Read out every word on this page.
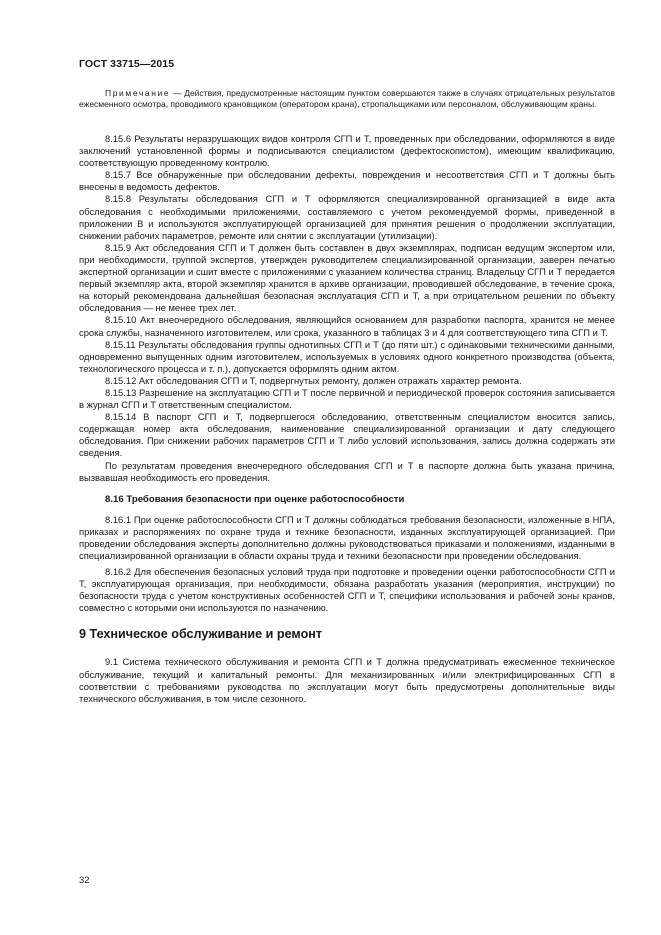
ГОСТ 33715—2015

Примечание — Действия, предусмотренные настоящим пунктом совершаются также в случаях отрицательных результатов ежесменного осмотра, проводимого крановщиком (оператором крана), стропальщиками или персоналом, обслуживающим краны.

8.15.6 Результаты неразрушающих видов контроля СГП и Т, проведенных при обследовании, оформляются в виде заключений установленной формы и подписываются специалистом (дефектоскопистом), имеющим квалификацию, соответствующую проведенному контролю.

8.15.7 Все обнаруженные при обследовании дефекты, повреждения и несоответствия СГП и Т должны быть внесены в ведомость дефектов.

8.15.8 Результаты обследования СГП и Т оформляются специализированной организацией в виде акта обследования с необходимыми приложениями, составляемого с учетом рекомендуемой формы, приведенной в приложении В и используются эксплуатирующей организацией для принятия решения о продолжении эксплуатации, снижении рабочих параметров, ремонте или снятии с эксплуатации (утилизации).

8.15.9 Акт обследования СГП и Т должен быть составлен в двух экземплярах, подписан ведущим экспертом или, при необходимости, группой экспертов, утвержден руководителем специализированной организации, заверен печатью экспертной организации и сшит вместе с приложениями с указанием количества страниц. Владельцу СГП и Т передается первый экземпляр акта, второй экземпляр хранится в архиве организации, проводившей обследование, в течение срока, на который рекомендована дальнейшая безопасная эксплуатация СГП и Т, а при отрицательном решении по объекту обследования — не менее трех лет.

8.15.10 Акт внеочередного обследования, являющийся основанием для разработки паспорта, хранится не менее срока службы, назначенного изготовителем, или срока, указанного в таблицах 3 и 4 для соответствующего типа СГП и Т.

8.15.11 Результаты обследования группы однотипных СГП и Т (до пяти шт.) с одинаковыми техническими данными, одновременно выпущенных одним изготовителем, используемых в условиях одного конкретного производства (объекта, технологического процесса и т. п.), допускается оформлять одним актом.

8.15.12 Акт обследования СГП и Т, подвергнутых ремонту, должен отражать характер ремонта.

8.15.13 Разрешение на эксплуатацию СГП и Т после первичной и периодической проверок состояния записывается в журнал СГП и Т ответственным специалистом.

8.15.14 В паспорт СГП и Т, подвергшегося обследованию, ответственным специалистом вносится запись, содержащая номер акта обследования, наименование специализированной организации и дату следующего обследования. При снижении рабочих параметров СГП и Т либо условий использования, запись должна содержать эти сведения.

По результатам проведения внеочередного обследования СГП и Т в паспорте должна быть указана причина, вызвавшая необходимость его проведения.

8.16 Требования безопасности при оценке работоспособности

8.16.1 При оценке работоспособности СГП и Т должны соблюдаться требования безопасности, изложенные в НПА, приказах и распоряжениях по охране труда и технике безопасности, изданных эксплуатирующей организацией. При проведении обследования эксперты дополнительно должны руководствоваться приказами и положениями, изданными в специализированной организации в области охраны труда и техники безопасности при проведении обследования.

8.16.2 Для обеспечения безопасных условий труда при подготовке и проведении оценки работоспособности СГП и Т, эксплуатирующая организация, при необходимости, обязана разработать указания (мероприятия, инструкции) по безопасности труда с учетом конструктивных особенностей СГП и Т, специфики использования и рабочей зоны кранов, совместно с которыми они используются по назначению.

9 Техническое обслуживание и ремонт

9.1 Система технического обслуживания и ремонта СГП и Т должна предусматривать ежесменное техническое обслуживание, текущий и капитальный ремонты. Для механизированных и/или электрифицированных СГП в соответствии с требованиями руководства по эксплуатации могут быть предусмотрены дополнительные виды технического обслуживания, в том числе сезонного.

32
